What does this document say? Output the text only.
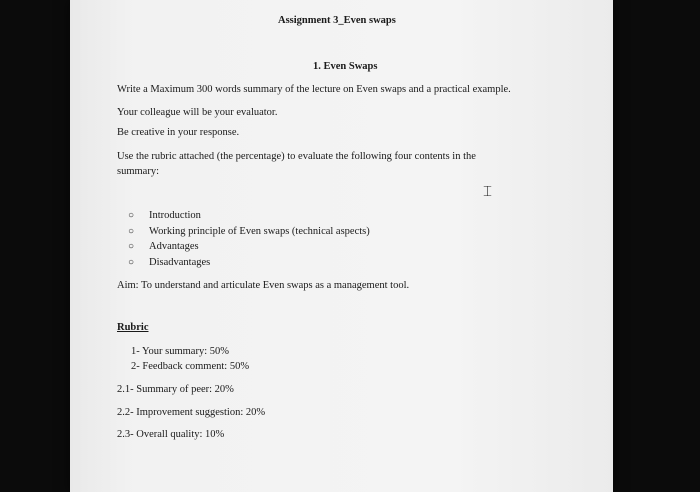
Assignment 3_Even swaps
1. Even Swaps
Write a Maximum 300 words summary of the lecture on Even swaps and a practical example.
Your colleague will be your evaluator.
Be creative in your response.
Use the rubric attached (the percentage) to evaluate the following four contents in the
summary:
⌶
○ Introduction
○ Working principle of Even swaps (technical aspects)
○ Advantages
○ Disadvantages
Aim: To understand and articulate Even swaps as a management tool.
Rubric
1- Your summary: 50%
2- Feedback comment: 50%
2.1- Summary of peer: 20%
2.2- Improvement suggestion: 20%
2.3- Overall quality: 10%
